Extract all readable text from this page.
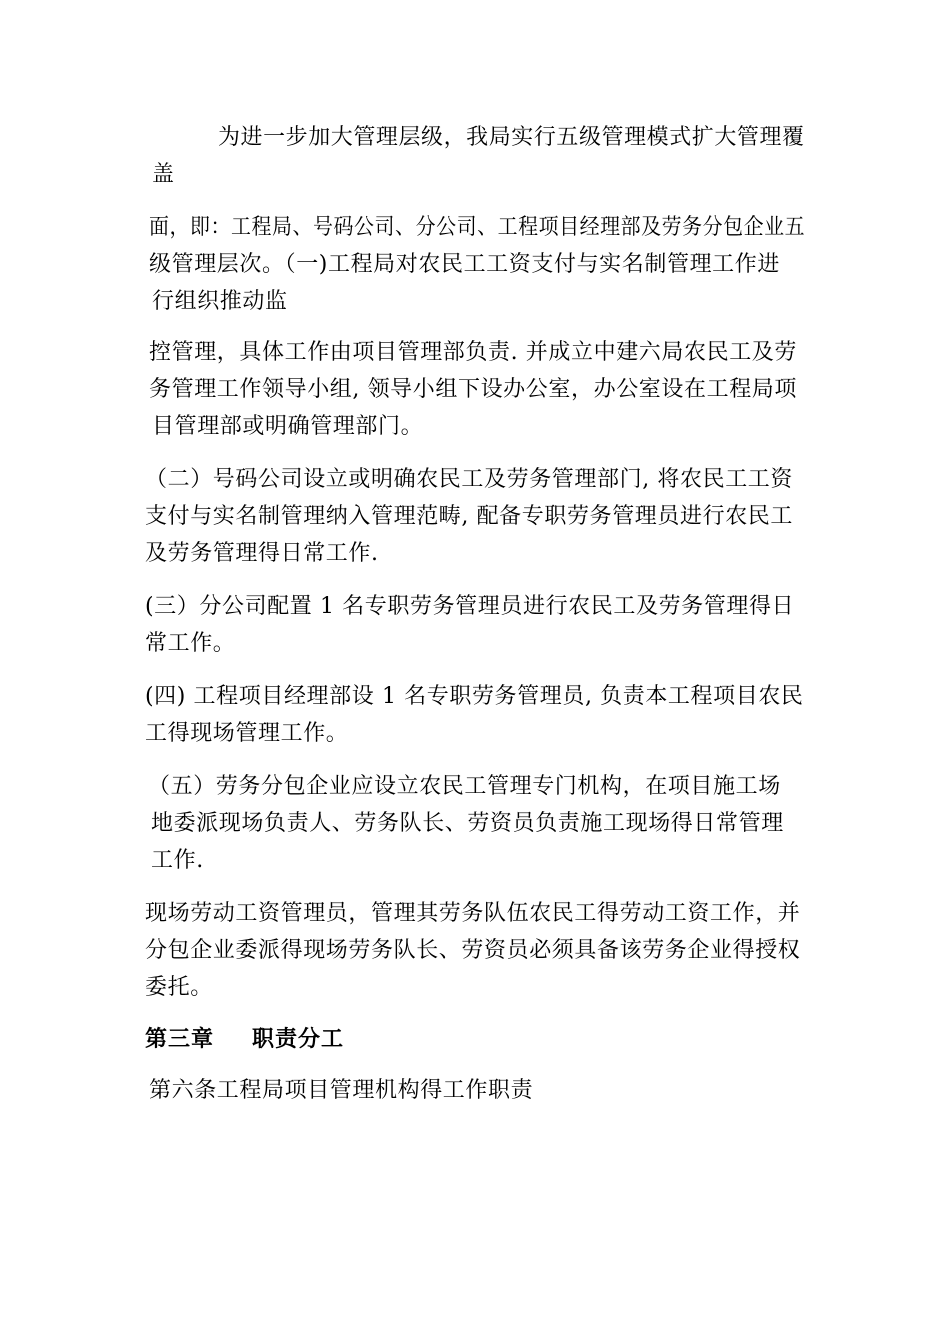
为进一步加大管理层级，我局实行五级管理模式扩大管理覆
盖
面，即：工程局、号码公司、分公司、工程项目经理部及劳务分包企业五
级管理层次。（一)工程局对农民工工资支付与实名制管理工作进
行组织推动监
控管理，具体工作由项目管理部负责. 并成立中建六局农民工及劳
务管理工作领导小组, 领导小组下设办公室，办公室设在工程局项
目管理部或明确管理部门。
（二）号码公司设立或明确农民工及劳务管理部门, 将农民工工资
支付与实名制管理纳入管理范畴, 配备专职劳务管理员进行农民工
及劳务管理得日常工作.
(三）分公司配置 1 名专职劳务管理员进行农民工及劳务管理得日
常工作。
(四) 工程项目经理部设 1 名专职劳务管理员, 负责本工程项目农民
工得现场管理工作。
（五）劳务分包企业应设立农民工管理专门机构，在项目施工场
地委派现场负责人、劳务队长、劳资员负责施工现场得日常管理
工作.
现场劳动工资管理员，管理其劳务队伍农民工得劳动工资工作，并
分包企业委派得现场劳务队长、劳资员必须具备该劳务企业得授权
委托。
第三章 职责分工
第六条工程局项目管理机构得工作职责
